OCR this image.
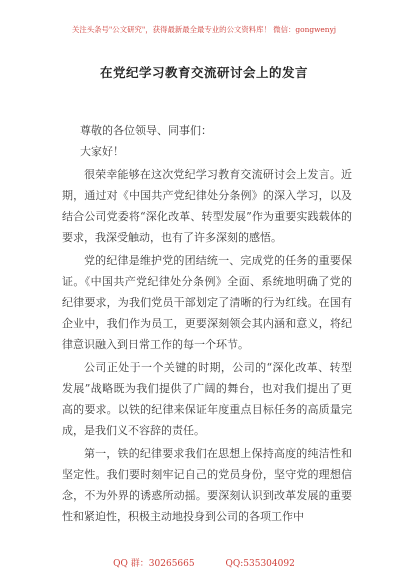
关注头条号"公文研究"，获得最新最全最专业的公文资料库！ 微信：gongwenyj
在党纪学习教育交流研讨会上的发言

尊敬的各位领导、同事们：

大家好！

很荣幸能够在这次党纪学习教育交流研讨会上发言。近期，通过对《中国共产党纪律处分条例》的深入学习，以及结合公司党委将“深化改革、转型发展”作为重要实践载体的要求，我深受触动，也有了许多深刻的感悟。

党的纪律是维护党的团结统一、完成党的任务的重要保证。《中国共产党纪律处分条例》全面、系统地明确了党的纪律要求，为我们党员干部划定了清晰的行为红线。在国有企业中，我们作为员工，更要深刻领会其内涵和意义，将纪律意识融入到日常工作的每一个环节。

公司正处于一个关键的时期，公司的“深化改革、转型发展”战略既为我们提供了广阔的舞台，也对我们提出了更高的要求。以铁的纪律来保证年度重点目标任务的高质量完成，是我们义不容辞的责任。

第一，铁的纪律要求我们在思想上保持高度的纯洁性和坚定性。我们要时刻牢记自己的党员身份，坚守党的理想信念，不为外界的诱惑所动摇。要深刻认识到改革发展的重要性和紧迫性，积极主动地投身到公司的各项工作中

QQ 群：30265665	QQ:535304092
